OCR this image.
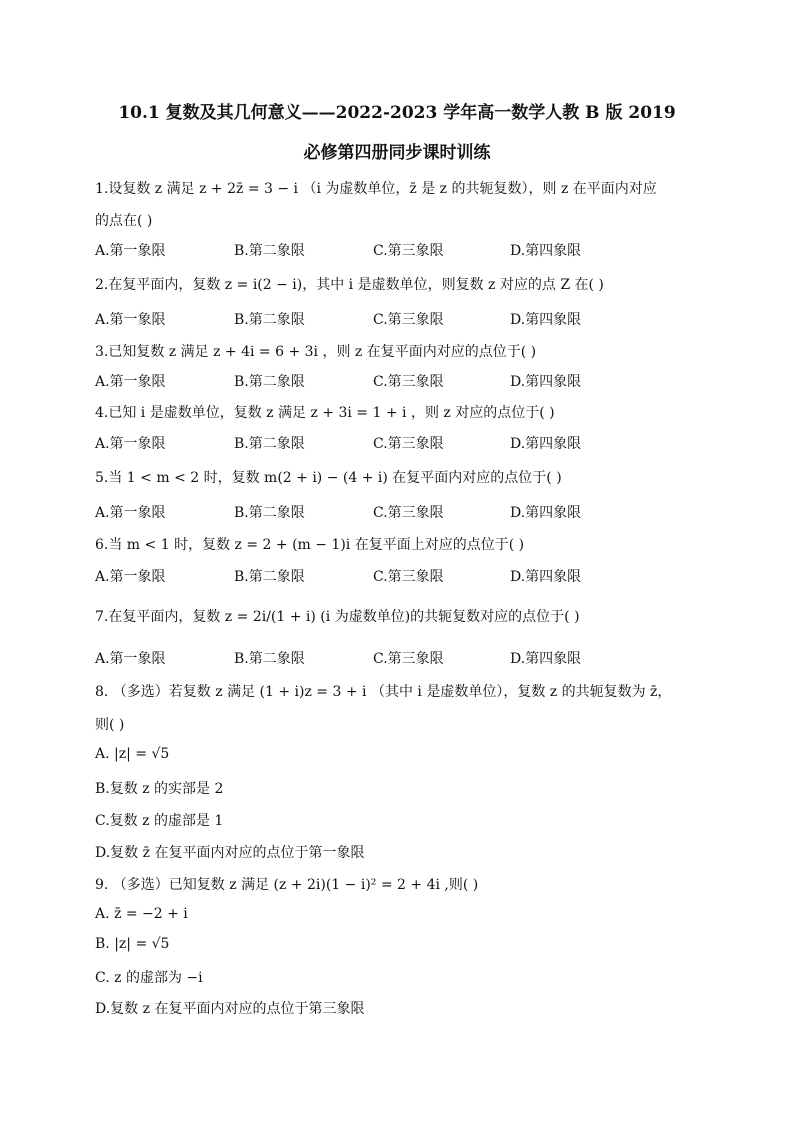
10.1 复数及其几何意义——2022-2023 学年高一数学人教 B 版 2019
必修第四册同步课时训练
1.设复数 z 满足 z + 2z̄ = 3 − i （i 为虚数单位，z̄ 是 z 的共轭复数），则 z 在平面内对应
的点在( )
A.第一象限	B.第二象限	C.第三象限	D.第四象限
2.在复平面内，复数 z = i(2 − i)，其中 i 是虚数单位，则复数 z 对应的点 Z 在( )
A.第一象限	B.第二象限	C.第三象限	D.第四象限
3.已知复数 z 满足 z + 4i = 6 + 3i ，则 z 在复平面内对应的点位于( )
A.第一象限	B.第二象限	C.第三象限	D.第四象限
4.已知 i 是虚数单位，复数 z 满足 z + 3i = 1 + i ，则 z 对应的点位于( )
A.第一象限	B.第二象限	C.第三象限	D.第四象限
5.当 1 < m < 2 时，复数 m(2 + i) − (4 + i) 在复平面内对应的点位于( )
A.第一象限	B.第二象限	C.第三象限	D.第四象限
6.当 m < 1 时，复数 z = 2 + (m − 1)i 在复平面上对应的点位于( )
A.第一象限	B.第二象限	C.第三象限	D.第四象限
7.在复平面内，复数 z = 2i/(1 + i) (i 为虚数单位)的共轭复数对应的点位于( )
A.第一象限	B.第二象限	C.第三象限	D.第四象限
8. （多选）若复数 z 满足 (1 + i)z = 3 + i （其中 i 是虚数单位），复数 z 的共轭复数为 z̄，
则( )
A. |z| = √5
B.复数 z 的实部是 2
C.复数 z 的虚部是 1
D.复数 z̄ 在复平面内对应的点位于第一象限
9. （多选）已知复数 z 满足 (z + 2i)(1 − i)² = 2 + 4i ,则( )
A. z̄ = −2 + i
B. |z| = √5
C. z 的虚部为 −i
D.复数 z 在复平面内对应的点位于第三象限
